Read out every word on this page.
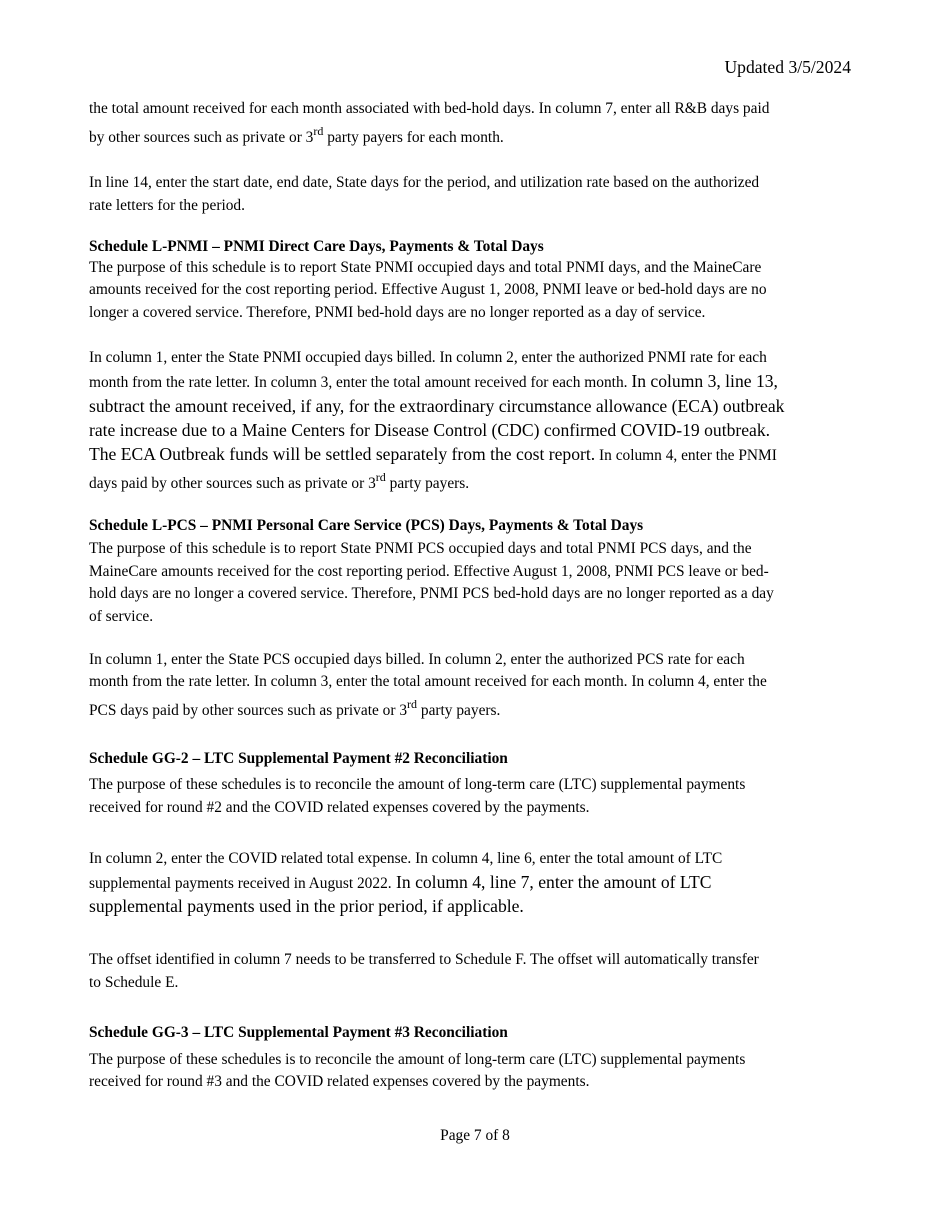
Updated 3/5/2024
the total amount received for each month associated with bed-hold days. In column 7, enter all R&B days paid
by other sources such as private or 3rd party payers for each month.
In line 14, enter the start date, end date, State days for the period, and utilization rate based on the authorized
rate letters for the period.
Schedule L-PNMI – PNMI Direct Care Days, Payments & Total Days
The purpose of this schedule is to report State PNMI occupied days and total PNMI days, and the MaineCare
amounts received for the cost reporting period. Effective August 1, 2008, PNMI leave or bed-hold days are no
longer a covered service. Therefore, PNMI bed-hold days are no longer reported as a day of service.
In column 1, enter the State PNMI occupied days billed. In column 2, enter the authorized PNMI rate for each
month from the rate letter. In column 3, enter the total amount received for each month. In column 3, line 13,
subtract the amount received, if any, for the extraordinary circumstance allowance (ECA) outbreak
rate increase due to a Maine Centers for Disease Control (CDC) confirmed COVID-19 outbreak.
The ECA Outbreak funds will be settled separately from the cost report. In column 4, enter the PNMI
days paid by other sources such as private or 3rd party payers.
Schedule L-PCS – PNMI Personal Care Service (PCS) Days, Payments & Total Days
The purpose of this schedule is to report State PNMI PCS occupied days and total PNMI PCS days, and the
MaineCare amounts received for the cost reporting period. Effective August 1, 2008, PNMI PCS leave or bed-
hold days are no longer a covered service. Therefore, PNMI PCS bed-hold days are no longer reported as a day
of service.
In column 1, enter the State PCS occupied days billed. In column 2, enter the authorized PCS rate for each
month from the rate letter. In column 3, enter the total amount received for each month. In column 4, enter the
PCS days paid by other sources such as private or 3rd party payers.
Schedule GG-2 – LTC Supplemental Payment #2 Reconciliation
The purpose of these schedules is to reconcile the amount of long-term care (LTC) supplemental payments
received for round #2 and the COVID related expenses covered by the payments.
In column 2, enter the COVID related total expense. In column 4, line 6, enter the total amount of LTC
supplemental payments received in August 2022. In column 4, line 7, enter the amount of LTC
supplemental payments used in the prior period, if applicable.
The offset identified in column 7 needs to be transferred to Schedule F. The offset will automatically transfer
to Schedule E.
Schedule GG-3 – LTC Supplemental Payment #3 Reconciliation
The purpose of these schedules is to reconcile the amount of long-term care (LTC) supplemental payments
received for round #3 and the COVID related expenses covered by the payments.
Page 7 of 8
